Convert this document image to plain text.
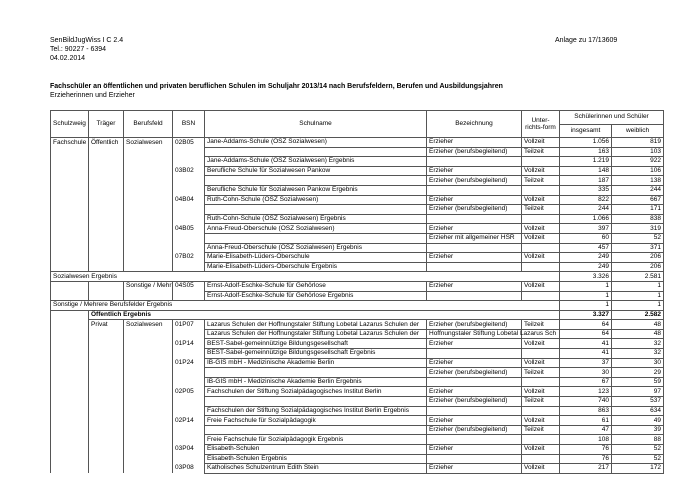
SenBildJugWiss I C 2.4
Tel.: 90227 - 6394
04.02.2014
Anlage zu 17/13609
Fachschüler an öffentlichen und privaten beruflichen Schulen im Schuljahr 2013/14 nach Berufsfeldern, Berufen und Ausbildungsjahren
Erzieherinnen und Erzieher
Schulzweig	Träger	Berufsfeld	BSN	Schulname	Bezeichnung	Unter-richts-form	Schülerinnen und Schüler	
							insgesamt	weiblich
Fachschule	Öffentlich	Sozialwesen	02B05	Jane-Addams-Schule (OSZ Sozialwesen)	Erzieher	Vollzeit	1.056	819
					Erzieher (berufsbegleitend)	Teilzeit	163	103
				Jane-Addams-Schule (OSZ Sozialwesen) Ergebnis			1.219	922
			03B02	Berufliche Schule für Sozialwesen Pankow	Erzieher	Vollzeit	148	106
					Erzieher (berufsbegleitend)	Teilzeit	187	138
				Berufliche Schule für Sozialwesen Pankow Ergebnis			335	244
			04B04	Ruth-Cohn-Schule (OSZ Sozialwesen)	Erzieher	Vollzeit	822	667
					Erzieher (berufsbegleitend)	Teilzeit	244	171
				Ruth-Cohn-Schule (OSZ Sozialwesen) Ergebnis			1.066	838
			04B05	Anna-Freud-Oberschule (OSZ Sozialwesen)	Erzieher	Vollzeit	397	319
					Erzieher mit allgemeiner HSR	Vollzeit	60	52
				Anna-Freud-Oberschule (OSZ Sozialwesen) Ergebnis			457	371
			07B02	Marie-Elisabeth-Lüders-Oberschule	Erzieher	Vollzeit	249	206
				Marie-Elisabeth-Lüders-Oberschule Ergebnis			249	206
Sozialwesen Ergebnis							3.326	2.581
		Sonstige / Mehr	04S05	Ernst-Adolf-Eschke-Schule für Gehörlose	Erzieher	Vollzeit	1	1
				Ernst-Adolf-Eschke-Schule für Gehörlose Ergebnis			1	1
Sonstige / Mehrere Berufsfelder Ergebnis							1	1
	Öffentlich Ergebnis						3.327	2.582
	Privat	Sozialwesen	01P07	Lazarus Schulen der Hoffnungstaler Stiftung Lobetal Lazarus Schulen der	Erzieher (berufsbegleitend)	Teilzeit	64	48
				Lazarus Schulen der Hoffnungstaler Stiftung Lobetal Lazarus Schulen der	Hoffnungstaler Stiftung Lobetal Lazarus Sch		64	48
			01P14	BEST-Sabel-gemeinnützige Bildungsgesellschaft	Erzieher	Vollzeit	41	32
				BEST-Sabel-gemeinnützige Bildungsgesellschaft Ergebnis			41	32
			01P24	IB-GIS mbH - Medizinische Akademie Berlin	Erzieher	Vollzeit	37	30
					Erzieher (berufsbegleitend)	Teilzeit	30	29
				IB-GIS mbH - Medizinische Akademie Berlin Ergebnis			67	59
			02P05	Fachschulen der Stiftung Sozialpädagogisches Institut Berlin	Erzieher	Vollzeit	123	97
					Erzieher (berufsbegleitend)	Teilzeit	740	537
				Fachschulen der Stiftung Sozialpädagogisches Institut Berlin Ergebnis			863	634
			02P14	Freie Fachschule für Sozialpädagogik	Erzieher	Vollzeit	61	49
					Erzieher (berufsbegleitend)	Teilzeit	47	39
				Freie Fachschule für Sozialpädagogik Ergebnis			108	88
			03P04	Elisabeth-Schulen	Erzieher	Vollzeit	76	52
				Elisabeth-Schulen Ergebnis			76	52
			03P08	Katholisches Schulzentrum Edith Stein	Erzieher	Vollzeit	217	172
